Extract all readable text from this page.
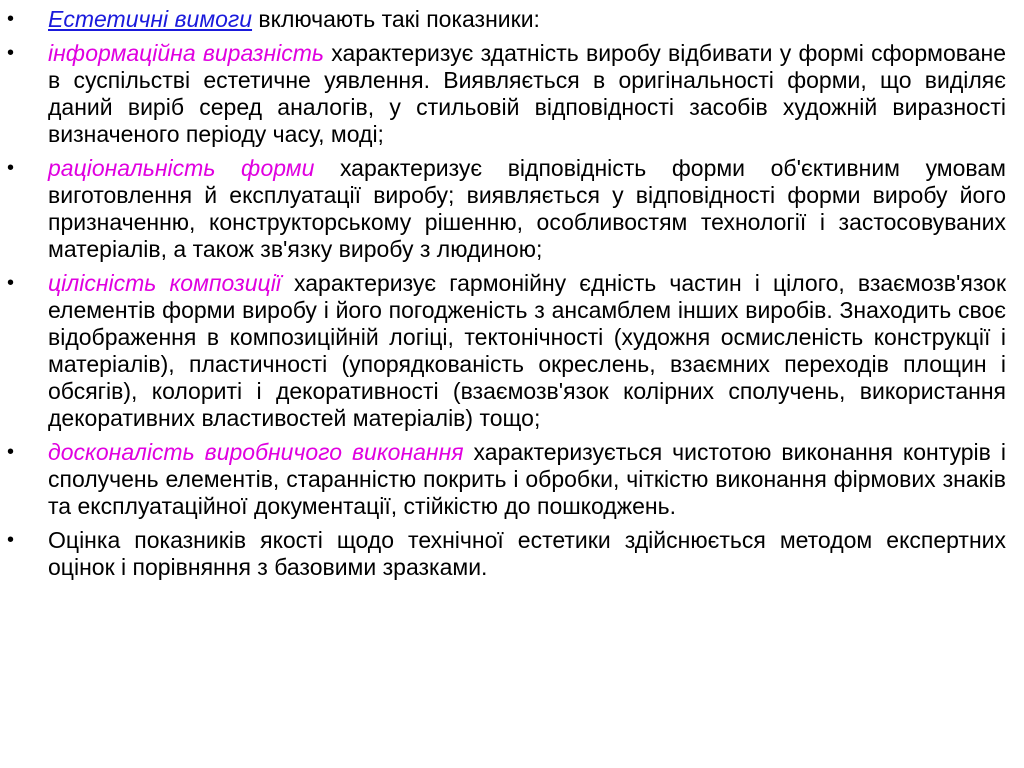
• Естетичні вимоги включають такі показники:
• інформаційна виразність характеризує здатність виробу відбивати у формі сформоване в суспільстві естетичне уявлення. Виявляється в оригінальності форми, що виділяє даний виріб серед аналогів, у стильовій відповідності засобів художній виразності визначеного періоду часу, моді;
• раціональність форми характеризує відповідність форми об'єктивним умовам виготовлення й експлуатації виробу; виявляється у відповідності форми виробу його призначенню, конструкторському рішенню, особливостям технології і застосовуваних матеріалів, а також зв'язку виробу з людиною;
• цілісність композиції характеризує гармонійну єдність частин і цілого, взаємозв'язок елементів форми виробу і його погодженість з ансамблем інших виробів. Знаходить своє відображення в композиційній логіці, тектонічності (художня осмисленість конструкції і матеріалів), пластичності (упорядкованість окреслень, взаємних переходів площин і обсягів), колориті і декоративності (взаємозв'язок колірних сполучень, використання декоративних властивостей матеріалів) тощо;
• досконалість виробничого виконання характеризується чистотою виконання контурів і сполучень елементів, старанністю покрить і обробки, чіткістю виконання фірмових знаків та експлуатаційної документації, стійкістю до пошкоджень.
• Оцінка показників якості щодо технічної естетики здійснюється методом експертних оцінок і порівняння з базовими зразками.
